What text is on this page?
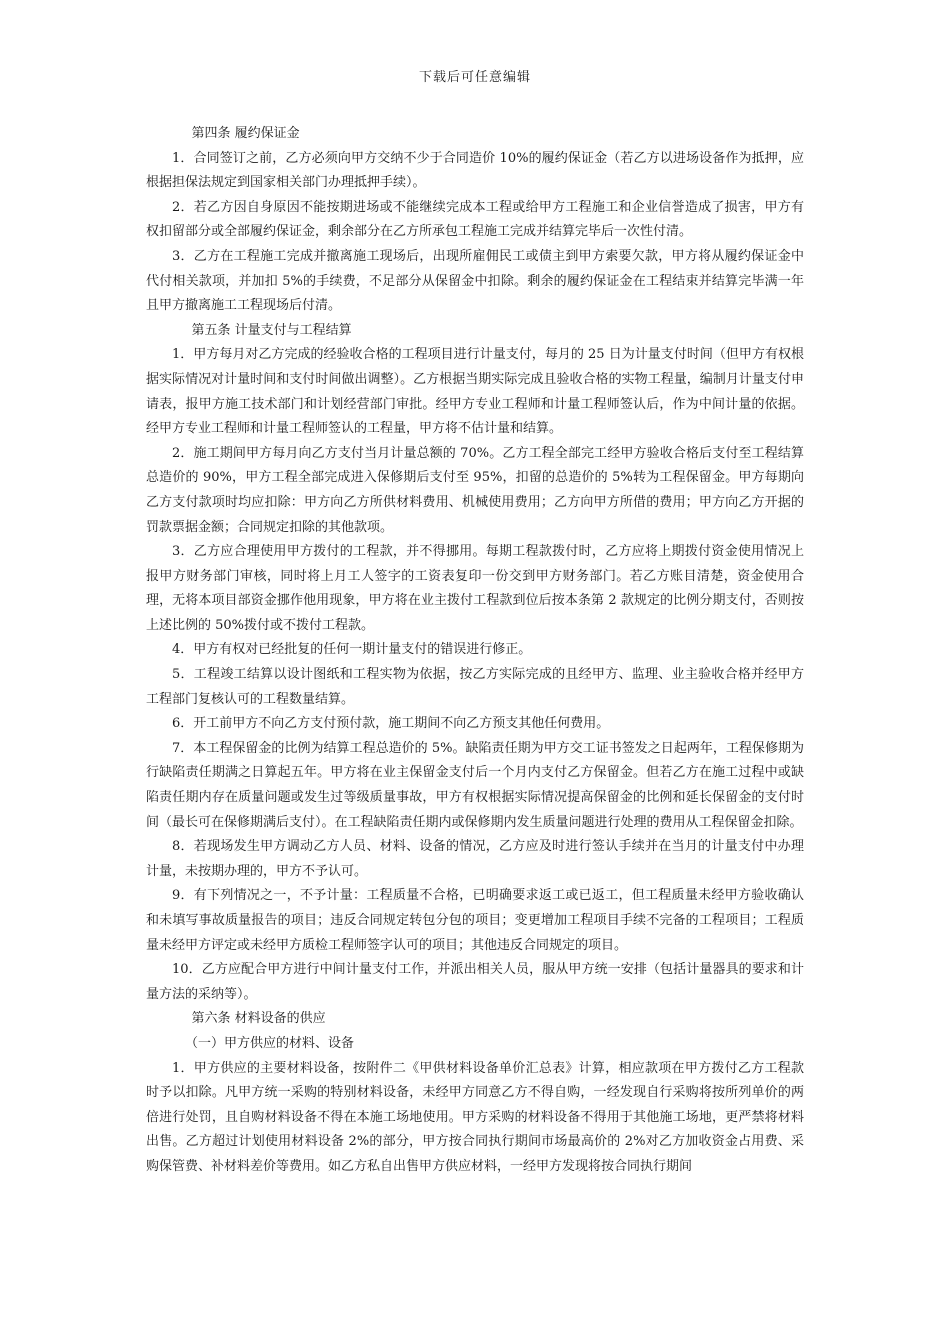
下载后可任意编辑

第四条 履约保证金

1．合同签订之前，乙方必须向甲方交纳不少于合同造价 10%的履约保证金（若乙方以进场设备作为抵押，应根据担保法规定到国家相关部门办理抵押手续）。

2．若乙方因自身原因不能按期进场或不能继续完成本工程或给甲方工程施工和企业信誉造成了损害，甲方有权扣留部分或全部履约保证金，剩余部分在乙方所承包工程施工完成并结算完毕后一次性付清。

3．乙方在工程施工完成并撤离施工现场后，出现所雇佣民工或债主到甲方索要欠款，甲方将从履约保证金中代付相关款项，并加扣 5%的手续费，不足部分从保留金中扣除。剩余的履约保证金在工程结束并结算完毕满一年且甲方撤离施工工程现场后付清。

第五条 计量支付与工程结算

1．甲方每月对乙方完成的经验收合格的工程项目进行计量支付，每月的 25 日为计量支付时间（但甲方有权根据实际情况对计量时间和支付时间做出调整）。乙方根据当期实际完成且验收合格的实物工程量，编制月计量支付申请表，报甲方施工技术部门和计划经营部门审批。经甲方专业工程师和计量工程师签认后，作为中间计量的依据。经甲方专业工程师和计量工程师签认的工程量，甲方将不估计量和结算。

2．施工期间甲方每月向乙方支付当月计量总额的 70%。乙方工程全部完工经甲方验收合格后支付至工程结算总造价的 90%，甲方工程全部完成进入保修期后支付至 95%，扣留的总造价的 5%转为工程保留金。甲方每期向乙方支付款项时均应扣除：甲方向乙方所供材料费用、机械使用费用；乙方向甲方所借的费用；甲方向乙方开据的罚款票据金额；合同规定扣除的其他款项。

3．乙方应合理使用甲方拨付的工程款，并不得挪用。每期工程款拨付时，乙方应将上期拨付资金使用情况上报甲方财务部门审核，同时将上月工人签字的工资表复印一份交到甲方财务部门。若乙方账目清楚，资金使用合理，无将本项目部资金挪作他用现象，甲方将在业主拨付工程款到位后按本条第 2 款规定的比例分期支付，否则按上述比例的 50%拨付或不拨付工程款。

4．甲方有权对已经批复的任何一期计量支付的错误进行修正。

5．工程竣工结算以设计图纸和工程实物为依据，按乙方实际完成的且经甲方、监理、业主验收合格并经甲方工程部门复核认可的工程数量结算。

6．开工前甲方不向乙方支付预付款，施工期间不向乙方预支其他任何费用。

7．本工程保留金的比例为结算工程总造价的 5%。缺陷责任期为甲方交工证书签发之日起两年，工程保修期为行缺陷责任期满之日算起五年。甲方将在业主保留金支付后一个月内支付乙方保留金。但若乙方在施工过程中或缺陷责任期内存在质量问题或发生过等级质量事故，甲方有权根据实际情况提高保留金的比例和延长保留金的支付时间（最长可在保修期满后支付）。在工程缺陷责任期内或保修期内发生质量问题进行处理的费用从工程保留金扣除。

8．若现场发生甲方调动乙方人员、材料、设备的情况，乙方应及时进行签认手续并在当月的计量支付中办理计量，未按期办理的，甲方不予认可。

9．有下列情况之一，不予计量：工程质量不合格，已明确要求返工或已返工，但工程质量未经甲方验收确认和未填写事故质量报告的项目；违反合同规定转包分包的项目；变更增加工程项目手续不完备的工程项目；工程质量未经甲方评定或未经甲方质检工程师签字认可的项目；其他违反合同规定的项目。

10．乙方应配合甲方进行中间计量支付工作，并派出相关人员，服从甲方统一安排（包括计量器具的要求和计量方法的采纳等）。

第六条 材料设备的供应

（一）甲方供应的材料、设备

1．甲方供应的主要材料设备，按附件二《甲供材料设备单价汇总表》计算，相应款项在甲方拨付乙方工程款时予以扣除。凡甲方统一采购的特别材料设备，未经甲方同意乙方不得自购，一经发现自行采购将按所列单价的两倍进行处罚，且自购材料设备不得在本施工场地使用。甲方采购的材料设备不得用于其他施工场地，更严禁将材料出售。乙方超过计划使用材料设备 2%的部分，甲方按合同执行期间市场最高价的 2%对乙方加收资金占用费、采购保管费、补材料差价等费用。如乙方私自出售甲方供应材料，一经甲方发现将按合同执行期间
